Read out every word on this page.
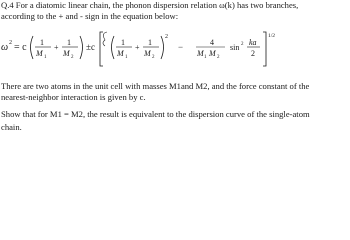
Q.4 For a diatomic linear chain, the phonon dispersion relation ω(k) has two branches,
according to the + and - sign in the equation below:
ω 2 = c 1
M 1
+
1
M 2
±c	1
M 1
+
1
M 2
2
−	4
M 1 M 2
sin 2 ka
2
1/2
There are two atoms in the unit cell with masses M1and M2, and the force constant of the
nearest-neighbor interaction is given by c.
Show that for M1 = M2, the result is equivalent to the dispersion curve of the single-atom
chain.
